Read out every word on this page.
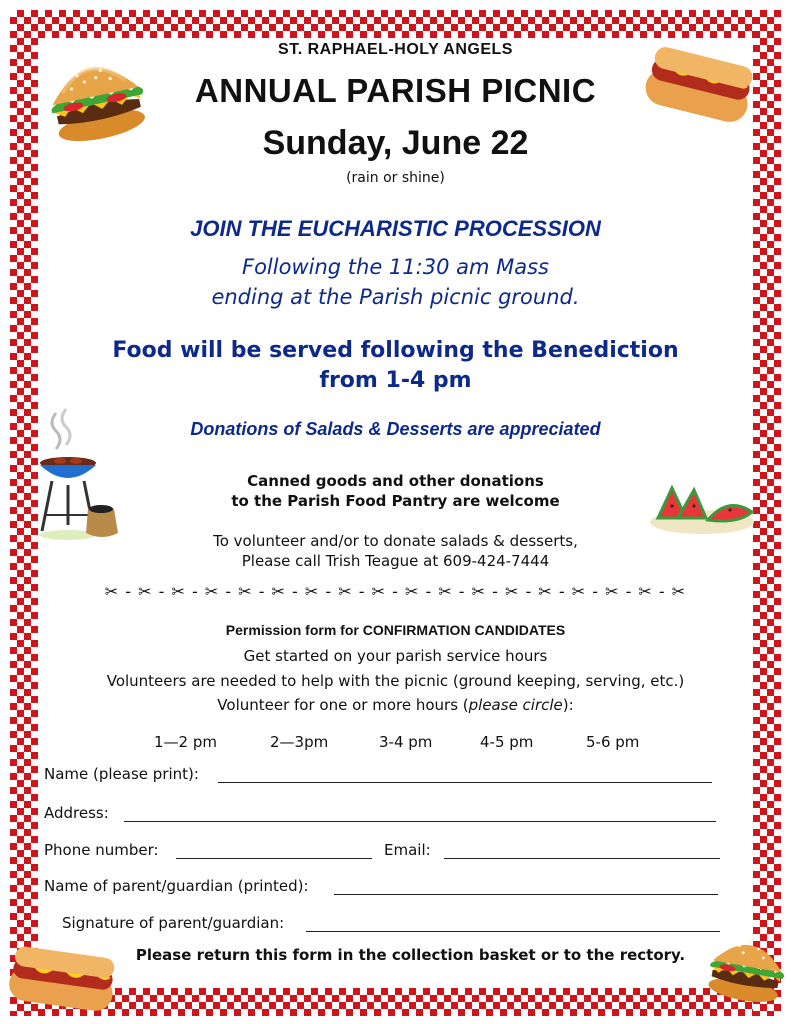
ST. RAPHAEL-HOLY ANGELS
ANNUAL PARISH PICNIC
Sunday, June 22
(rain or shine)
JOIN THE EUCHARISTIC PROCESSION
Following the 11:30 am Mass
ending at the Parish picnic ground.
Food will be served following the Benediction
from 1-4 pm
Donations of Salads & Desserts are appreciated
Canned goods and other donations
to the Parish Food Pantry are welcome
To volunteer and/or to donate salads & desserts,
Please call Trish Teague at 609-424-7444
✂ - ✂ - ✂ - ✂ - ✂ - ✂ - ✂ - ✂ - ✂ - ✂ - ✂ - ✂ - ✂ - ✂ - ✂ - ✂ - ✂ - ✂
Permission form for CONFIRMATION CANDIDATES
Get started on your parish service hours
Volunteers are needed to help with the picnic (ground keeping, serving, etc.)
Volunteer for one or more hours (please circle):
1—2 pm	2—3pm	3-4 pm	4-5 pm	5-6 pm
Name (please print):
Address:
Phone number:	Email:
Name of parent/guardian (printed):
Signature of parent/guardian:
Please return this form in the collection basket or to the rectory.
